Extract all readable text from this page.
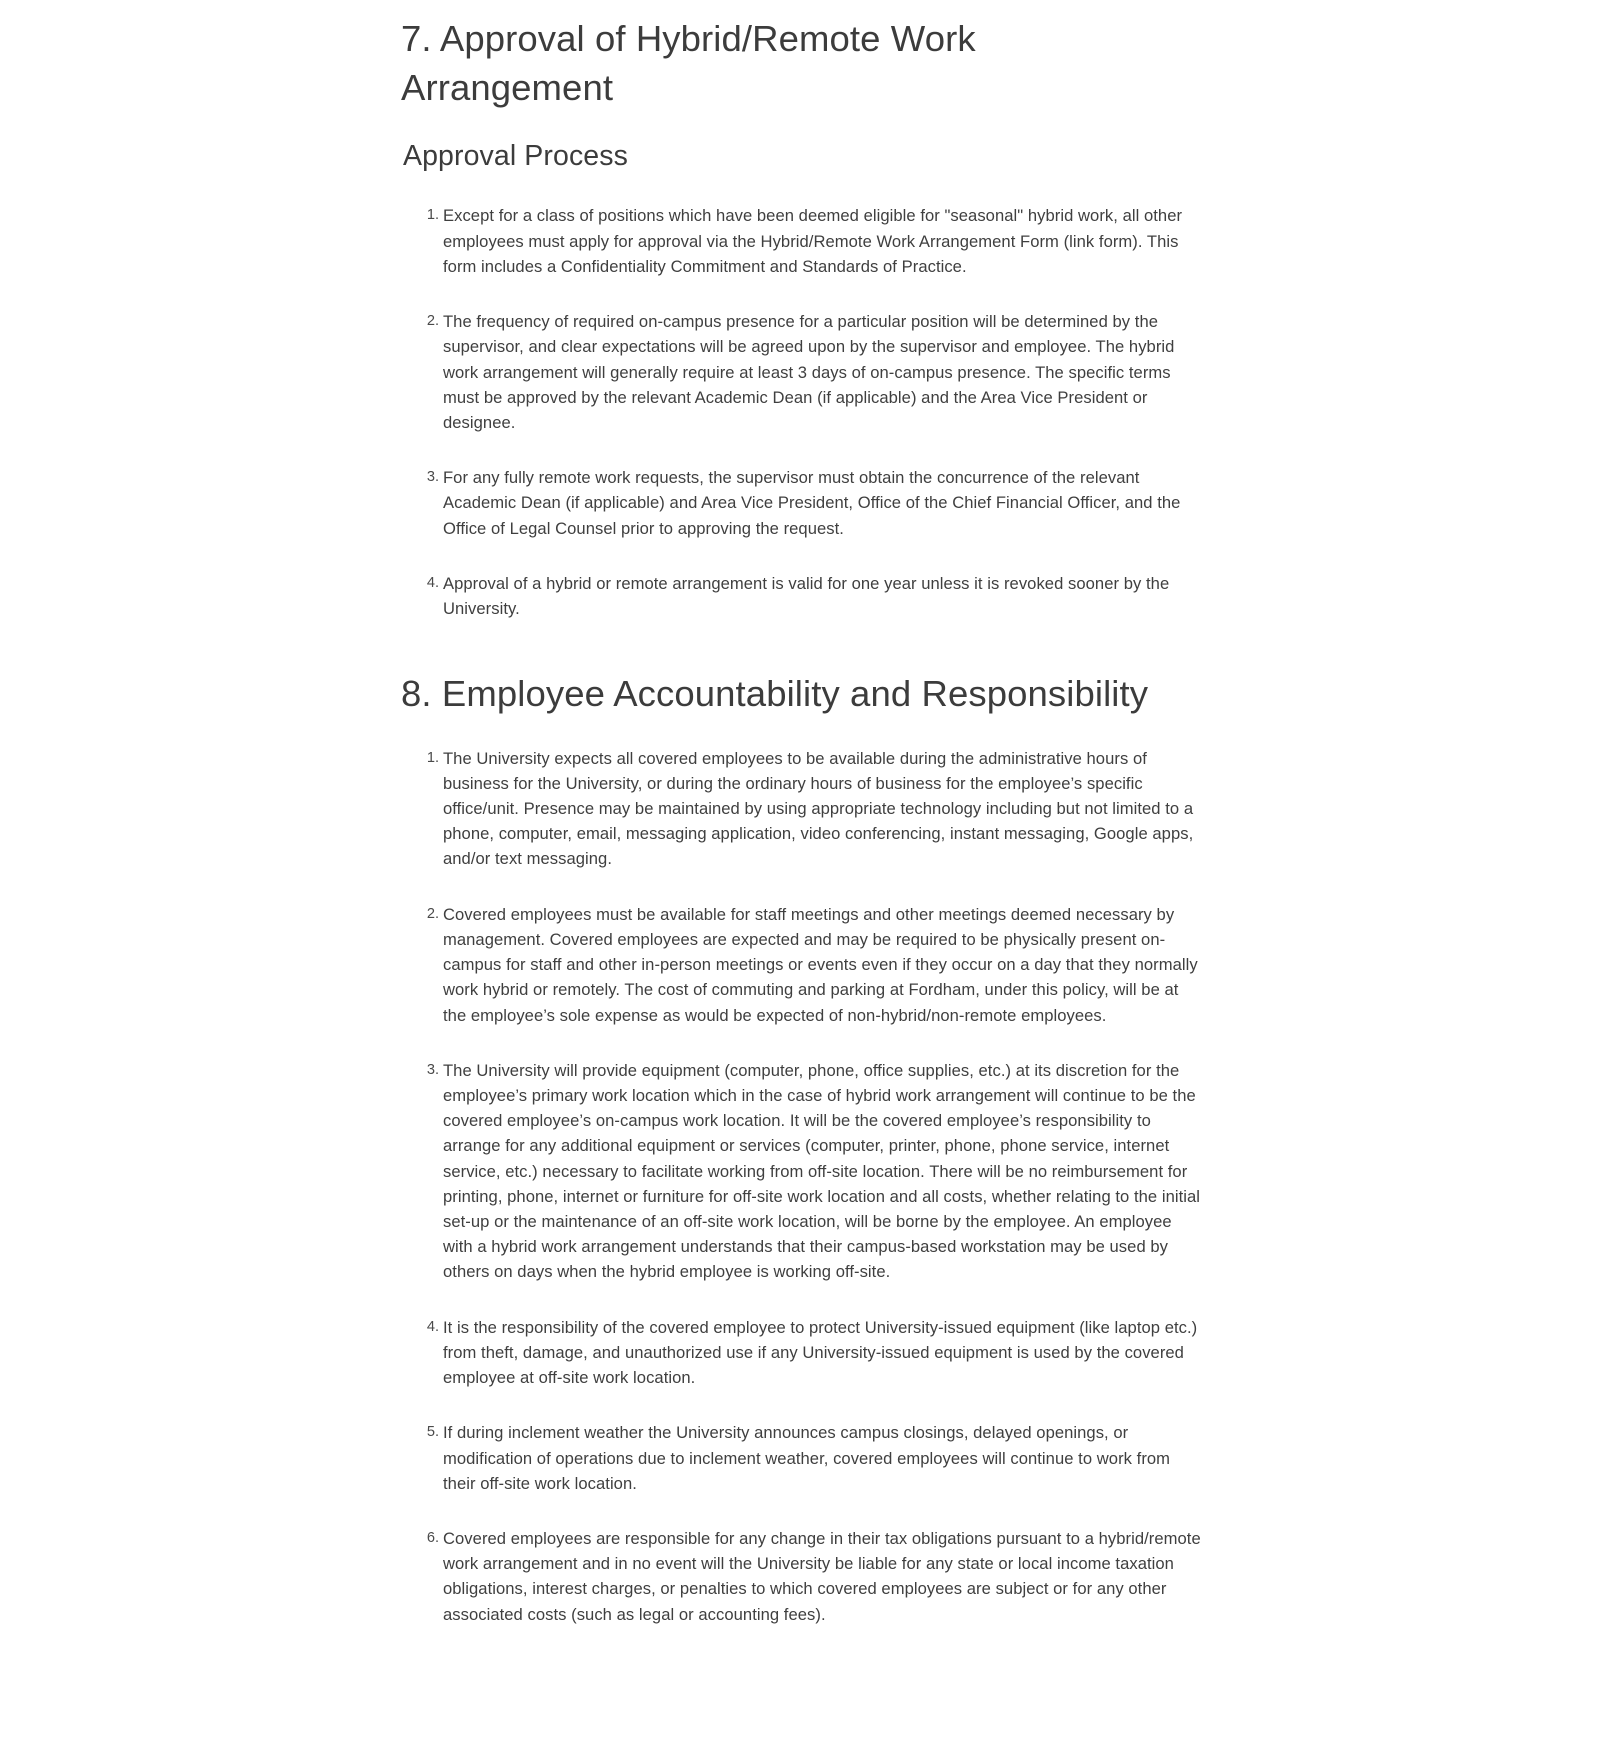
7. Approval of Hybrid/Remote Work Arrangement
Approval Process
Except for a class of positions which have been deemed eligible for "seasonal" hybrid work, all other employees must apply for approval via the Hybrid/Remote Work Arrangement Form (link form). This form includes a Confidentiality Commitment and Standards of Practice.
The frequency of required on-campus presence for a particular position will be determined by the supervisor, and clear expectations will be agreed upon by the supervisor and employee. The hybrid work arrangement will generally require at least 3 days of on-campus presence. The specific terms must be approved by the relevant Academic Dean (if applicable) and the Area Vice President or designee.
For any fully remote work requests, the supervisor must obtain the concurrence of the relevant Academic Dean (if applicable) and Area Vice President, Office of the Chief Financial Officer, and the Office of Legal Counsel prior to approving the request.
Approval of a hybrid or remote arrangement is valid for one year unless it is revoked sooner by the University.
8. Employee Accountability and Responsibility
The University expects all covered employees to be available during the administrative hours of business for the University, or during the ordinary hours of business for the employee’s specific office/unit. Presence may be maintained by using appropriate technology including but not limited to a phone, computer, email, messaging application, video conferencing, instant messaging, Google apps, and/or text messaging.
Covered employees must be available for staff meetings and other meetings deemed necessary by management. Covered employees are expected and may be required to be physically present on-campus for staff and other in-person meetings or events even if they occur on a day that they normally work hybrid or remotely. The cost of commuting and parking at Fordham, under this policy, will be at the employee’s sole expense as would be expected of non-hybrid/non-remote employees.
The University will provide equipment (computer, phone, office supplies, etc.) at its discretion for the employee’s primary work location which in the case of hybrid work arrangement will continue to be the covered employee’s on-campus work location. It will be the covered employee’s responsibility to arrange for any additional equipment or services (computer, printer, phone, phone service, internet service, etc.) necessary to facilitate working from off-site location. There will be no reimbursement for printing, phone, internet or furniture for off-site work location and all costs, whether relating to the initial set-up or the maintenance of an off-site work location, will be borne by the employee. An employee with a hybrid work arrangement understands that their campus-based workstation may be used by others on days when the hybrid employee is working off-site.
It is the responsibility of the covered employee to protect University-issued equipment (like laptop etc.) from theft, damage, and unauthorized use if any University-issued equipment is used by the covered employee at off-site work location.
If during inclement weather the University announces campus closings, delayed openings, or modification of operations due to inclement weather, covered employees will continue to work from their off-site work location.
Covered employees are responsible for any change in their tax obligations pursuant to a hybrid/remote work arrangement and in no event will the University be liable for any state or local income taxation obligations, interest charges, or penalties to which covered employees are subject or for any other associated costs (such as legal or accounting fees).
